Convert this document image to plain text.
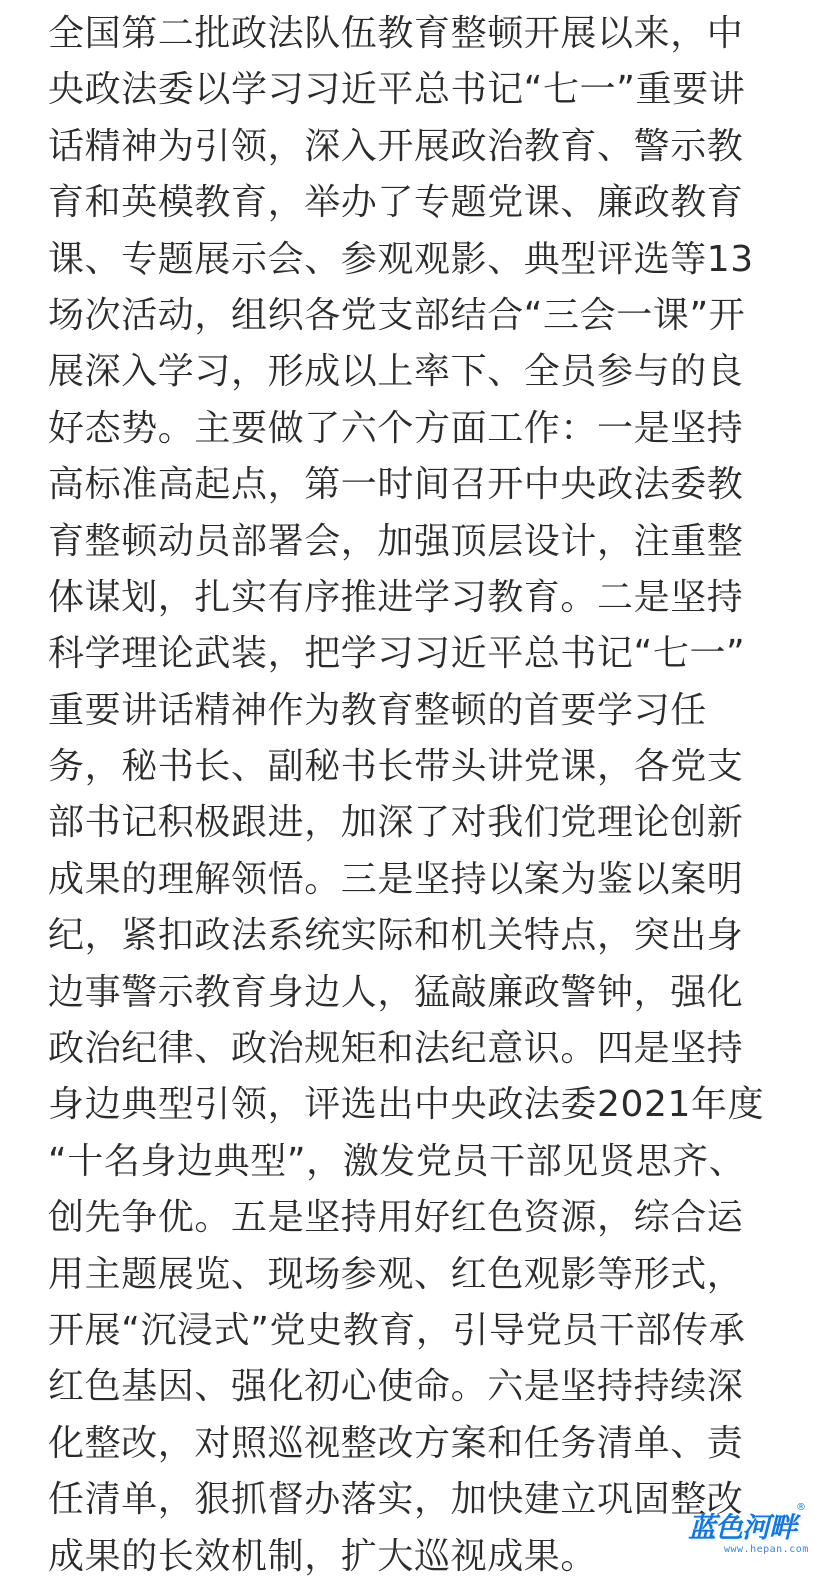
全国第二批政法队伍教育整顿开展以来，中
央政法委以学习习近平总书记“七一”重要讲
话精神为引领，深入开展政治教育、警示教
育和英模教育，举办了专题党课、廉政教育
课、专题展示会、参观观影、典型评选等13
场次活动，组织各党支部结合“三会一课”开
展深入学习，形成以上率下、全员参与的良
好态势。主要做了六个方面工作：一是坚持
高标准高起点，第一时间召开中央政法委教
育整顿动员部署会，加强顶层设计，注重整
体谋划，扎实有序推进学习教育。二是坚持
科学理论武装，把学习习近平总书记“七一”
重要讲话精神作为教育整顿的首要学习任
务，秘书长、副秘书长带头讲党课，各党支
部书记积极跟进，加深了对我们党理论创新
成果的理解领悟。三是坚持以案为鉴以案明
纪，紧扣政法系统实际和机关特点，突出身
边事警示教育身边人，猛敲廉政警钟，强化
政治纪律、政治规矩和法纪意识。四是坚持
身边典型引领，评选出中央政法委2021年度
“十名身边典型”，激发党员干部见贤思齐、
创先争优。五是坚持用好红色资源，综合运
用主题展览、现场参观、红色观影等形式，
开展“沉浸式”党史教育，引导党员干部传承
红色基因、强化初心使命。六是坚持持续深
化整改，对照巡视整改方案和任务清单、责
任清单，狠抓督办落实，加快建立巩固整改
成果的长效机制，扩大巡视成果。
蓝色河畔
®
www.hepan.com
